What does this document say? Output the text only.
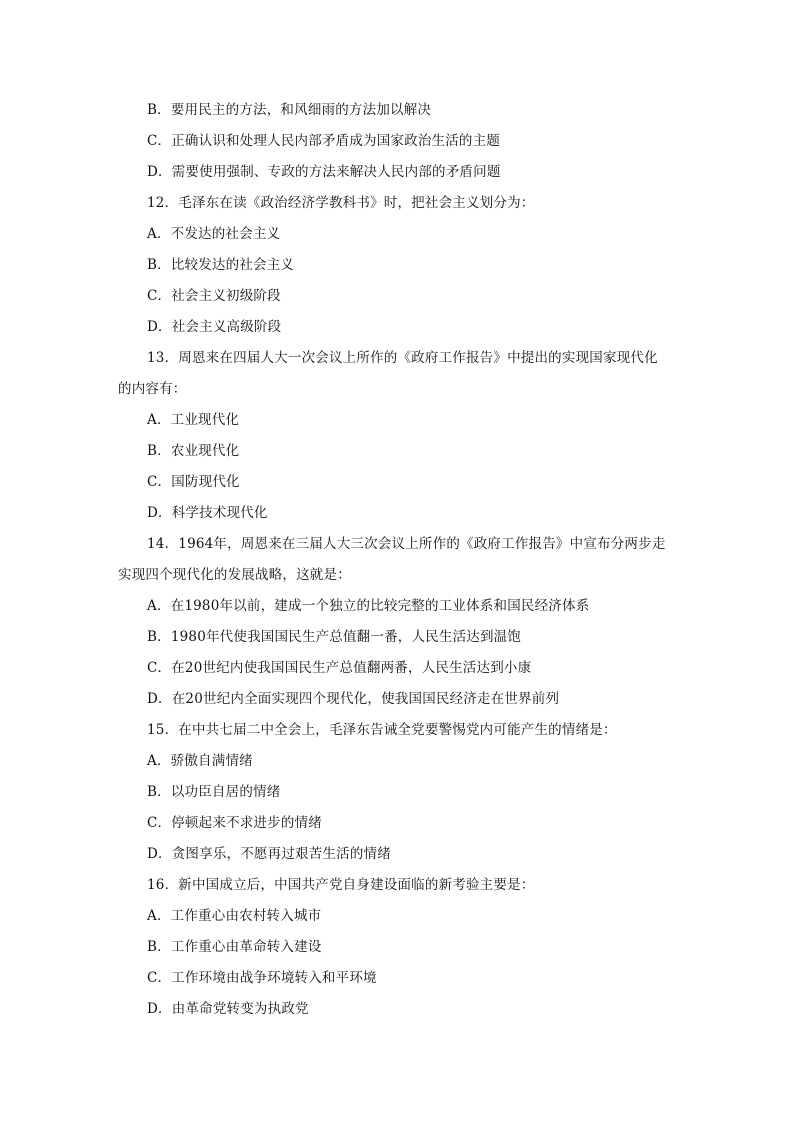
B．要用民主的方法，和风细雨的方法加以解决
C．正确认识和处理人民内部矛盾成为国家政治生活的主题
D．需要使用强制、专政的方法来解决人民内部的矛盾问题
12．毛泽东在读《政治经济学教科书》时，把社会主义划分为：
A．不发达的社会主义
B．比较发达的社会主义
C．社会主义初级阶段
D．社会主义高级阶段
13．周恩来在四届人大一次会议上所作的《政府工作报告》中提出的实现国家现代化
的内容有：
A．工业现代化
B．农业现代化
C．国防现代化
D．科学技术现代化
14．1964年，周恩来在三届人大三次会议上所作的《政府工作报告》中宣布分两步走
实现四个现代化的发展战略，这就是：
A．在1980年以前，建成一个独立的比较完整的工业体系和国民经济体系
B．1980年代使我国国民生产总值翻一番，人民生活达到温饱
C．在20世纪内使我国国民生产总值翻两番，人民生活达到小康
D．在20世纪内全面实现四个现代化，使我国国民经济走在世界前列
15．在中共七届二中全会上，毛泽东告诫全党要警惕党内可能产生的情绪是：
A．骄傲自满情绪
B．以功臣自居的情绪
C．停顿起来不求进步的情绪
D．贪图享乐，不愿再过艰苦生活的情绪
16．新中国成立后，中国共产党自身建设面临的新考验主要是：
A．工作重心由农村转入城市
B．工作重心由革命转入建设
C．工作环境由战争环境转入和平环境
D．由革命党转变为执政党
